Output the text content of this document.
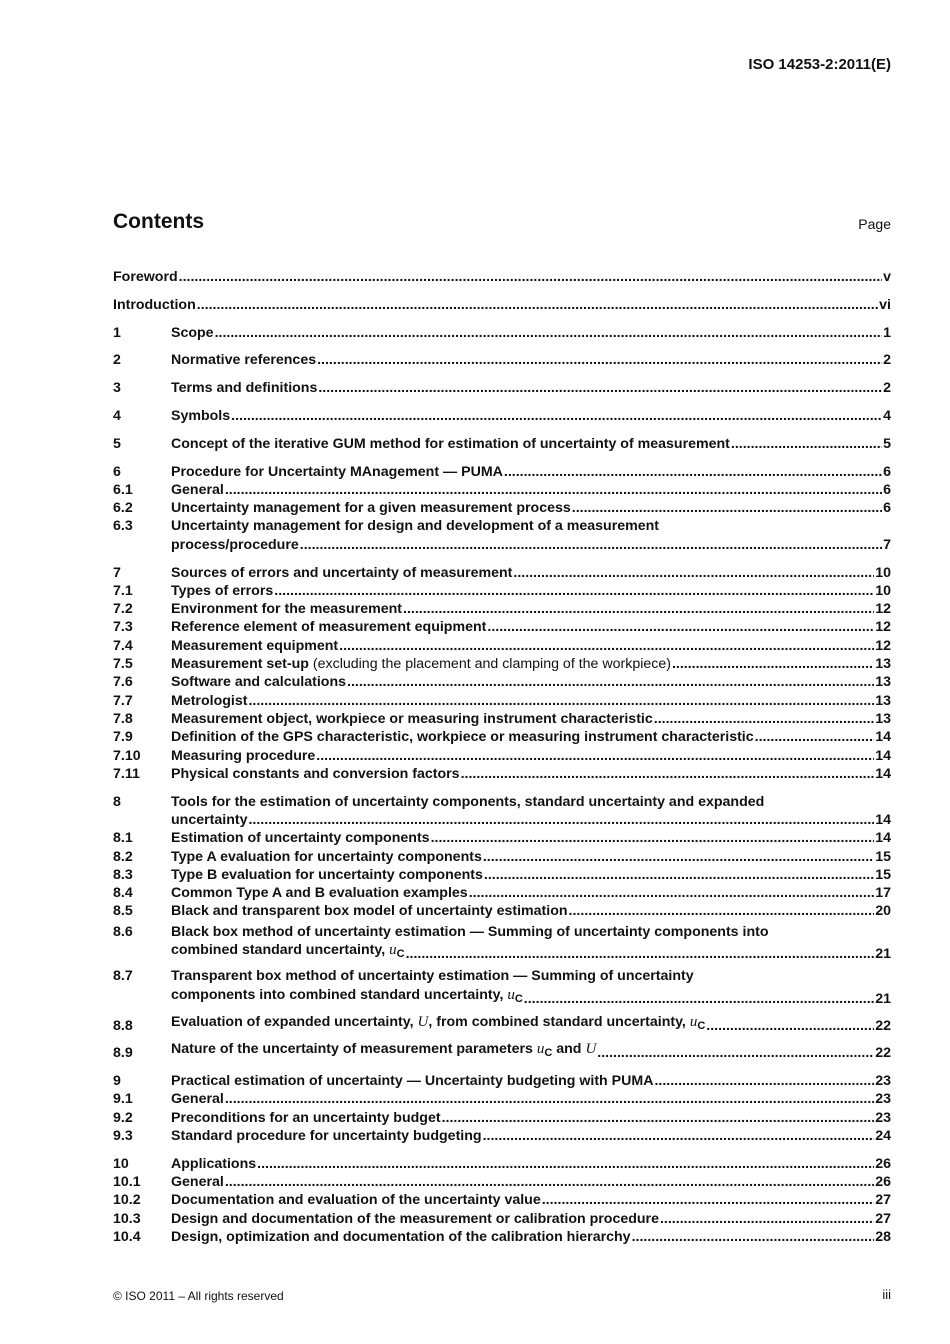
ISO 14253-2:2011(E)
Contents	Page
Foreword .....	v
Introduction .....	vi
1	Scope .....	1
2	Normative references .....	2
3	Terms and definitions .....	2
4	Symbols .....	4
5	Concept of the iterative GUM method for estimation of uncertainty of measurement .....	5
6	Procedure for Uncertainty MAnagement — PUMA .....	6
6.1	General .....	6
6.2	Uncertainty management for a given measurement process .....	6
6.3	Uncertainty management for design and development of a measurement
process/procedure .....	7
7	Sources of errors and uncertainty of measurement .....	10
7.1	Types of errors .....	10
7.2	Environment for the measurement .....	12
7.3	Reference element of measurement equipment .....	12
7.4	Measurement equipment .....	12
7.5	Measurement set-up (excluding the placement and clamping of the workpiece) .....	13
7.6	Software and calculations .....	13
7.7	Metrologist .....	13
7.8	Measurement object, workpiece or measuring instrument characteristic .....	13
7.9	Definition of the GPS characteristic, workpiece or measuring instrument characteristic .....	14
7.10	Measuring procedure .....	14
7.11	Physical constants and conversion factors .....	14
8	Tools for the estimation of uncertainty components, standard uncertainty and expanded
uncertainty .....	14
8.1	Estimation of uncertainty components .....	14
8.2	Type A evaluation for uncertainty components .....	15
8.3	Type B evaluation for uncertainty components .....	15
8.4	Common Type A and B evaluation examples .....	17
8.5	Black and transparent box model of uncertainty estimation .....	20
8.6	Black box method of uncertainty estimation — Summing of uncertainty components into
combined standard uncertainty, $u_C$ .....	21
8.7	Transparent box method of uncertainty estimation — Summing of uncertainty
components into combined standard uncertainty, $u_C$ .....	21
8.8	Evaluation of expanded uncertainty, U, from combined standard uncertainty, $u_C$ .....	22
8.9	Nature of the uncertainty of measurement parameters $u_C$ and U .....	22
9	Practical estimation of uncertainty — Uncertainty budgeting with PUMA .....	23
9.1	General .....	23
9.2	Preconditions for an uncertainty budget .....	23
9.3	Standard procedure for uncertainty budgeting .....	24
10	Applications .....	26
10.1	General .....	26
10.2	Documentation and evaluation of the uncertainty value .....	27
10.3	Design and documentation of the measurement or calibration procedure .....	27
10.4	Design, optimization and documentation of the calibration hierarchy .....	28
© ISO 2011 – All rights reserved	iii
